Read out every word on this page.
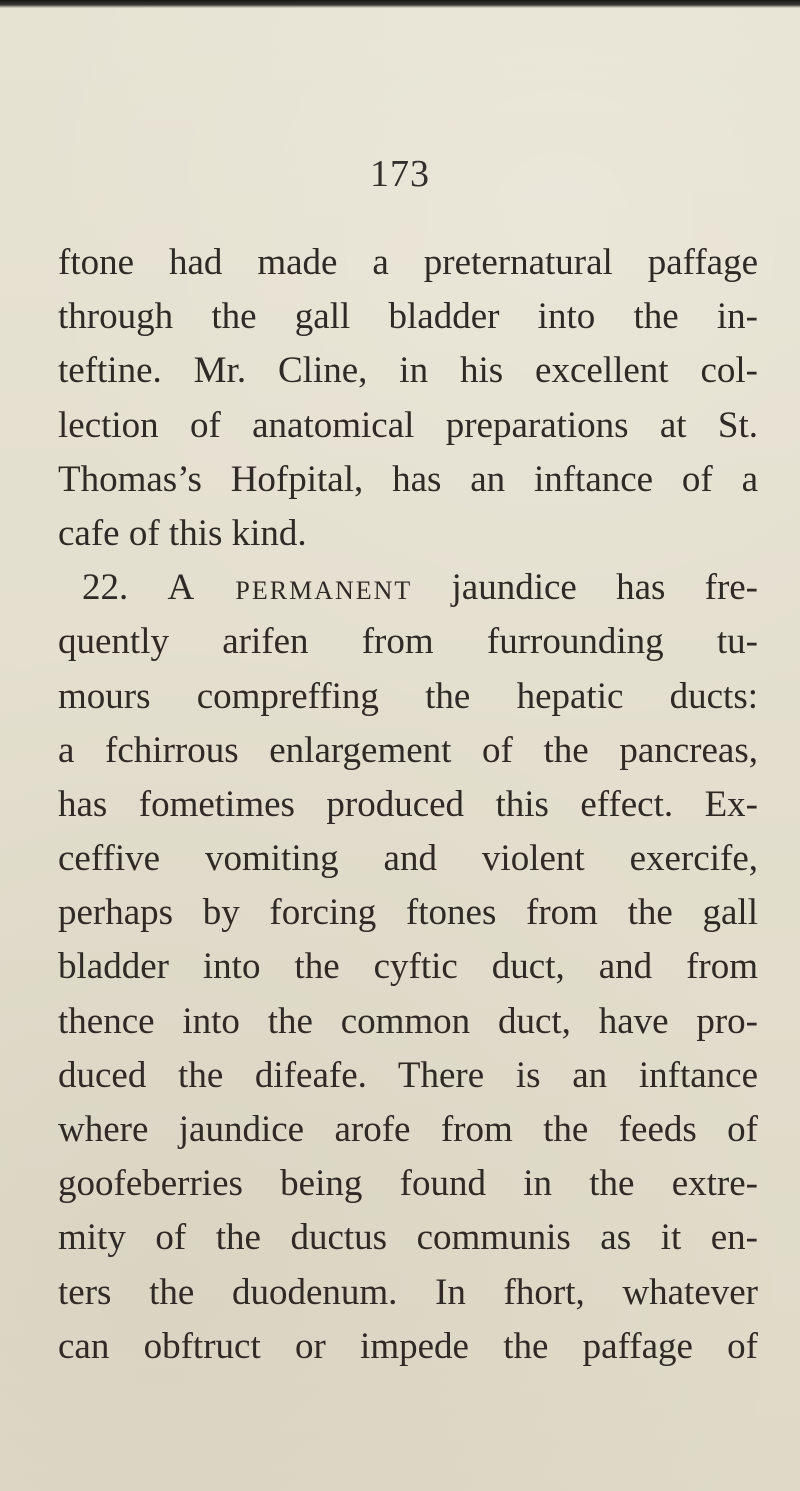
173
ftone had made a preternatural paffage
through the gall bladder into the in-
teftine. Mr. Cline, in his excellent col-
lection of anatomical preparations at St.
Thomas’s Hofpital, has an inftance of a
cafe of this kind.
22. A permanent jaundice has fre-
quently arifen from furrounding tu-
mours compreffing the hepatic ducts:
a fchirrous enlargement of the pancreas,
has fometimes produced this effect. Ex-
ceffive vomiting and violent exercife,
perhaps by forcing ftones from the gall
bladder into the cyftic duct, and from
thence into the common duct, have pro-
duced the difeafe. There is an inftance
where jaundice arofe from the feeds of
goofeberries being found in the extre-
mity of the ductus communis as it en-
ters the duodenum. In fhort, whatever
can obftruct or impede the paffage of
